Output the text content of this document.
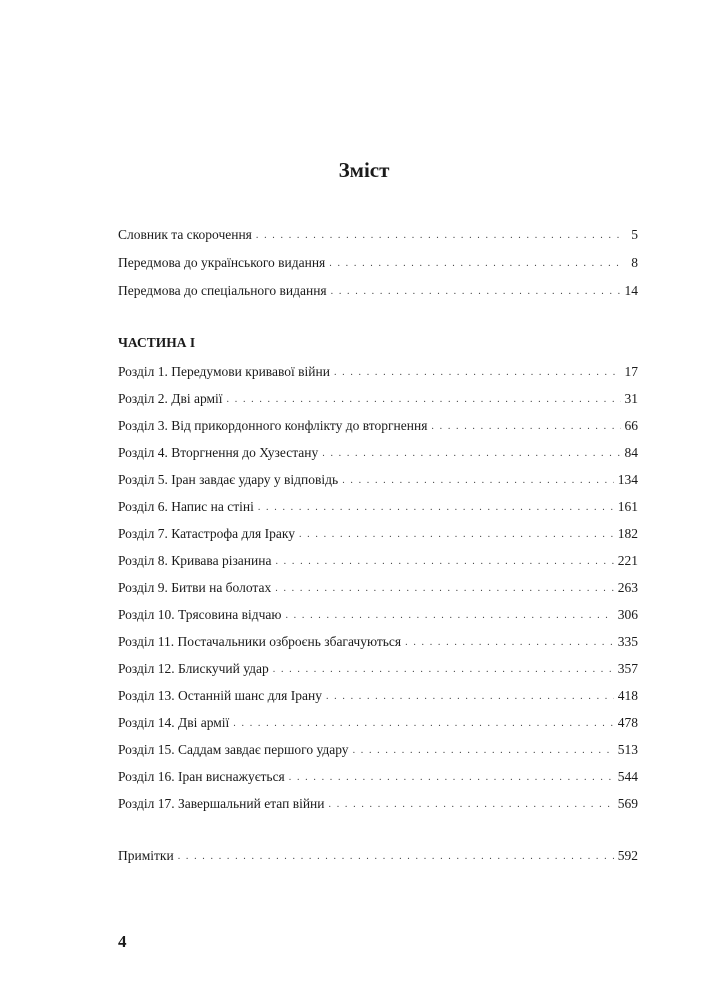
Зміст
Словник та скорочення . . .	5
Передмова до українського видання . . .	8
Передмова до спеціального видання . . .	14
ЧАСТИНА I
Розділ 1. Передумови кривавої війни . . .	17
Розділ 2. Дві армії . . .	31
Розділ 3. Від прикордонного конфлікту до вторгнення . . .	66
Розділ 4. Вторгнення до Хузестану . . .	84
Розділ 5. Іран завдає удару у відповідь . . .	134
Розділ 6. Напис на стіні . . .	161
Розділ 7. Катастрофа для Іраку . . .	182
Розділ 8. Кривава різанина . . .	221
Розділ 9. Битви на болотах . . .	263
Розділ 10. Трясовина відчаю . . .	306
Розділ 11. Постачальники озброєнь збагачуються . . .	335
Розділ 12. Блискучий удар . . .	357
Розділ 13. Останній шанс для Ірану . . .	418
Розділ 14. Дві армії . . .	478
Розділ 15. Саддам завдає першого удару . . .	513
Розділ 16. Іран виснажується . . .	544
Розділ 17. Завершальний етап війни . . .	569
Примітки . . .	592
4
